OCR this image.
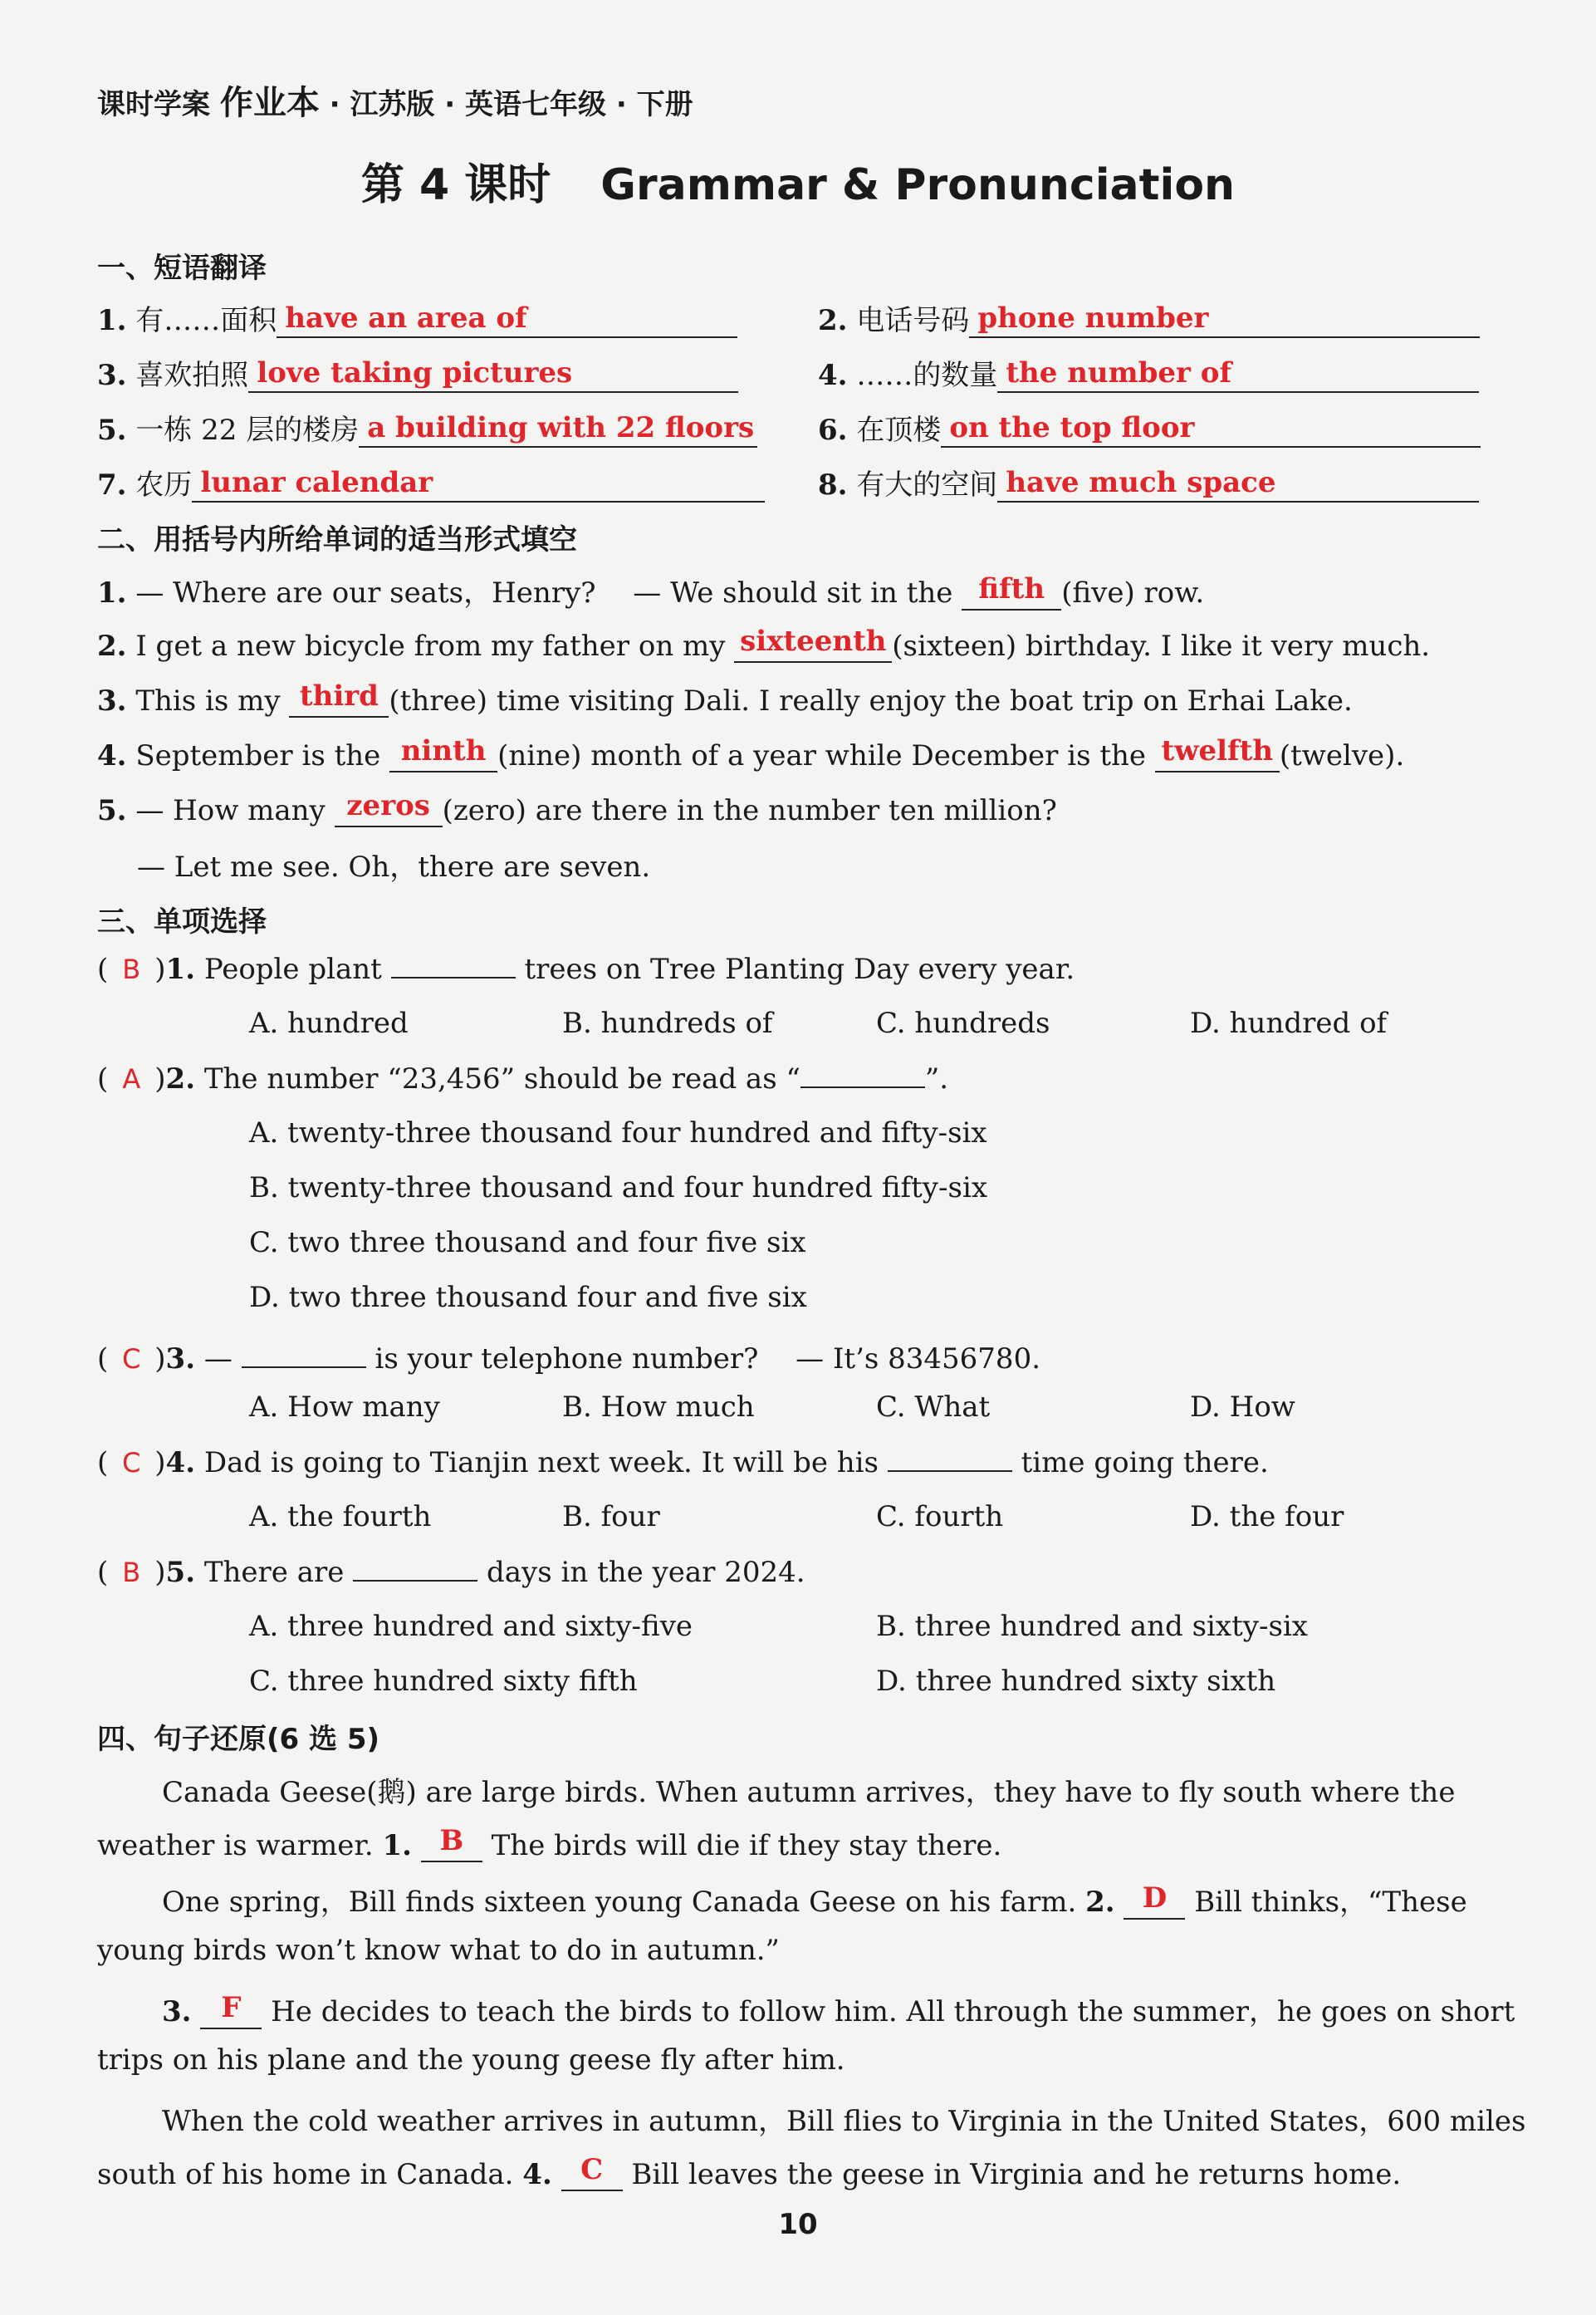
课时学案 作业本 · 江苏版 · 英语七年级 · 下册
第 4 课时 Grammar & Pronunciation
一、短语翻译
1. 有……面积 have an area of	2. 电话号码 phone number
3. 喜欢拍照 love taking pictures	4. ……的数量 the number of
5. 一栋 22 层的楼房 a building with 22 floors 6. 在顶楼 on the top floor
7. 农历 lunar calendar	8. 有大的空间 have much space
二、用括号内所给单词的适当形式填空
1. — Where are our seats，Henry?　 — We should sit in the fifth (five) row.
2. I get a new bicycle from my father on my sixteenth (sixteen) birthday. I like it very much.
3. This is my third (three) time visiting Dali. I really enjoy the boat trip on Erhai Lake.
4. September is the ninth (nine) month of a year while December is the twelfth (twelve).
5. — How many zeros (zero) are there in the number ten million?
— Let me see. Oh，there are seven.
三、单项选择
( B )1. People plant	trees on Tree Planting Day every year.
A. hundred	B. hundreds of	C. hundreds	D. hundred of
( A )2. The number “23,456” should be read as “	”.
A. twenty-three thousand four hundred and fifty-six
B. twenty-three thousand and four hundred fifty-six
C. two three thousand and four five six
D. two three thousand four and five six
( C )3. —	is your telephone number?　 — It’s 83456780.
A. How many	B. How much	C. What	D. How
( C )4. Dad is going to Tianjin next week. It will be his	time going there.
A. the fourth	B. four	C. fourth	D. the four
( B )5. There are	days in the year 2024.
A. three hundred and sixty-five	B. three hundred and sixty-six
C. three hundred sixty fifth	D. three hundred sixty sixth
四、句子还原(6 选 5)
Canada Geese(鹅) are large birds. When autumn arrives，they have to fly south where the
weather is warmer. 1. B The birds will die if they stay there.
One spring，Bill finds sixteen young Canada Geese on his farm. 2. D Bill thinks，“These
young birds won’t know what to do in autumn.”
3. F He decides to teach the birds to follow him. All through the summer，he goes on short
trips on his plane and the young geese fly after him.
When the cold weather arrives in autumn，Bill flies to Virginia in the United States，600 miles
south of his home in Canada. 4. C Bill leaves the geese in Virginia and he returns home.
10
